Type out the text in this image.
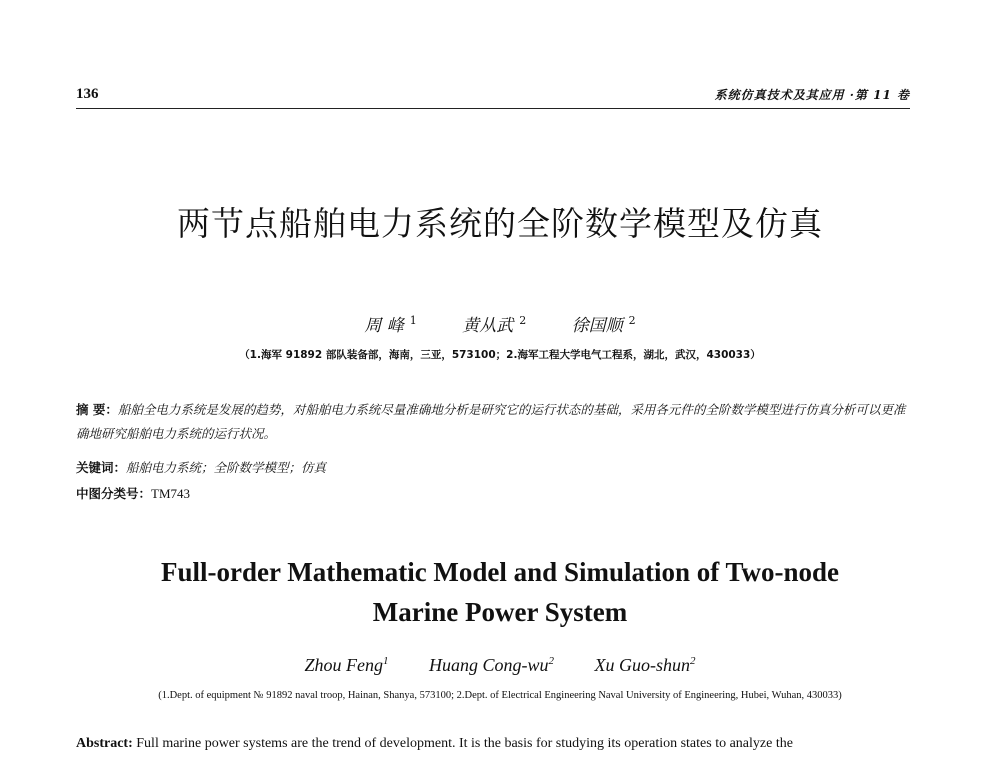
136	系统仿真技术及其应用 ·第 11 卷
两节点船舶电力系统的全阶数学模型及仿真
周 峰 $^1$	黄从武 $^2$	徐国顺 $^2$
（1.海军 91892 部队装备部，海南，三亚，573100；2.海军工程大学电气工程系，湖北，武汉，430033）
摘 要：船舶全电力系统是发展的趋势，对船舶电力系统尽量准确地分析是研究它的运行状态的基础，采用各元件的全阶数学模型进行仿真分析可以更准确地研究船舶电力系统的运行状况。
关键词：船舶电力系统；全阶数学模型；仿真
中图分类号：TM743
Full-order Mathematic Model and Simulation of Two-node
Marine Power System
Zhou Feng$^1$ Huang Cong-$wu^2$ Xu Guo-shun$^2$
(1.Dept. of equipment № 91892 naval troop, Hainan, Shanya, 573100; 2.Dept. of Electrical Engineering Naval University of Engineering, Hubei, Wuhan, 430033)
Abstract: Full marine power systems are the trend of development. It is the basis for studying its operation states to analyze the
